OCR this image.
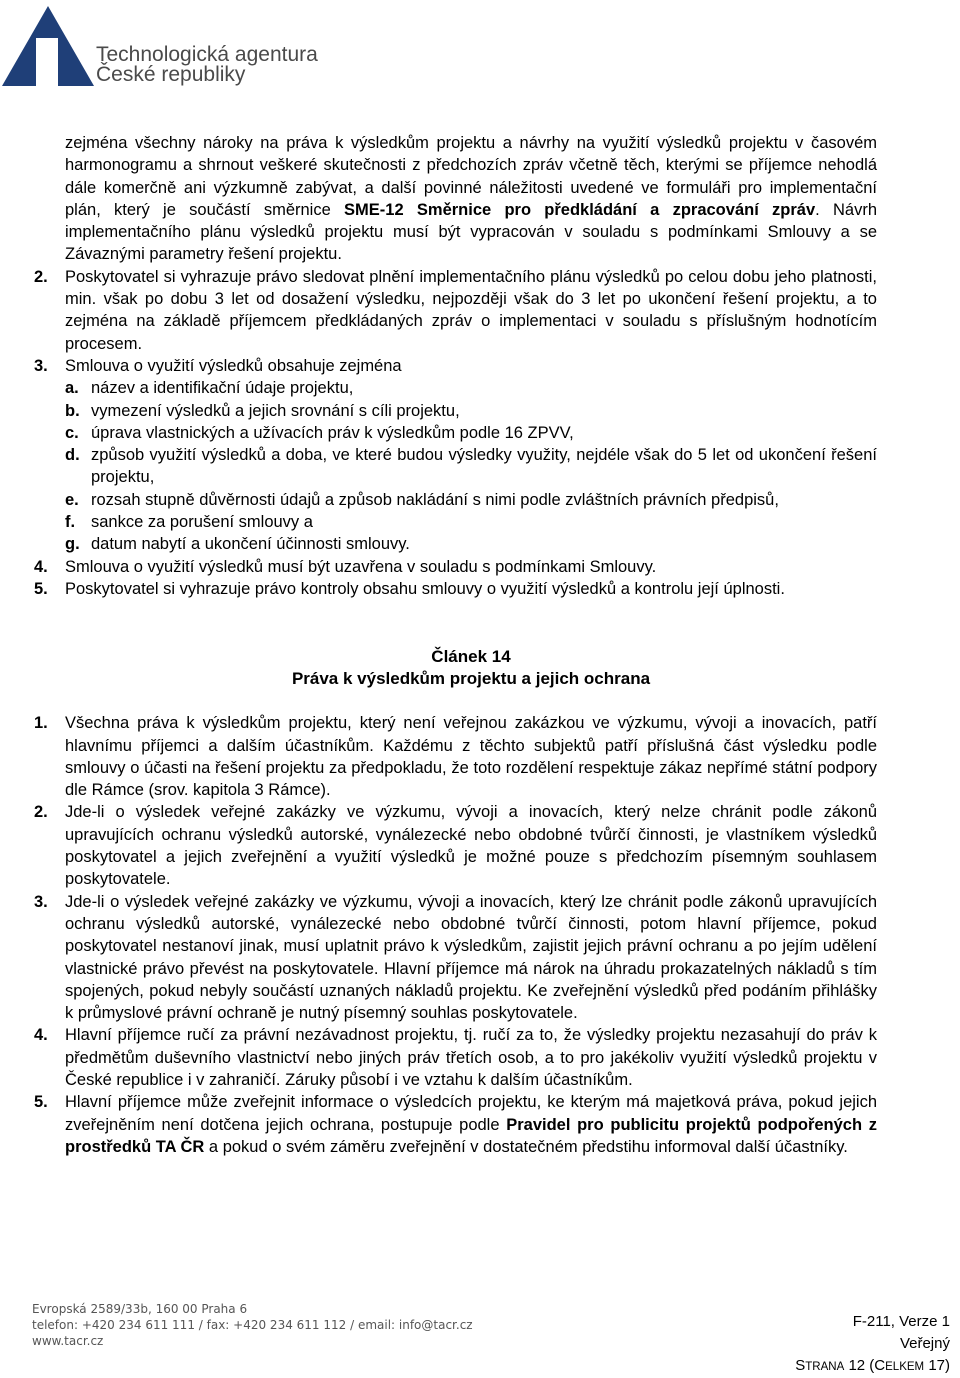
Technologická agentura
České republiky

zejména všechny nároky na práva k výsledkům projektu a návrhy na využití výsledků projektu v časovém harmonogramu a shrnout veškeré skutečnosti z předchozích zpráv včetně těch, kterými se příjemce nehodlá dále komerčně ani výzkumně zabývat, a další povinné náležitosti uvedené ve formuláři pro implementační plán, který je součástí směrnice SME-12 Směrnice pro předkládání a zpracování zpráv. Návrh implementačního plánu výsledků projektu musí být vypracován v souladu s podmínkami Smlouvy a se Závaznými parametry řešení projektu.

2. Poskytovatel si vyhrazuje právo sledovat plnění implementačního plánu výsledků po celou dobu jeho platnosti, min. však po dobu 3 let od dosažení výsledku, nejpozději však do 3 let po ukončení řešení projektu, a to zejména na základě příjemcem předkládaných zpráv o implementaci v souladu s příslušným hodnotícím procesem.
3. Smlouva o využití výsledků obsahuje zejména
a. název a identifikační údaje projektu,
b. vymezení výsledků a jejich srovnání s cíli projektu,
c. úprava vlastnických a užívacích práv k výsledkům podle 16 ZPVV,
d. způsob využití výsledků a doba, ve které budou výsledky využity, nejdéle však do 5 let od ukončení řešení projektu,
e. rozsah stupně důvěrnosti údajů a způsob nakládání s nimi podle zvláštních právních předpisů,
f. sankce za porušení smlouvy a
g. datum nabytí a ukončení účinnosti smlouvy.
4. Smlouva o využití výsledků musí být uzavřena v souladu s podmínkami Smlouvy.
5. Poskytovatel si vyhrazuje právo kontroly obsahu smlouvy o využití výsledků a kontrolu její úplnosti.
Článek 14
Práva k výsledkům projektu a jejich ochrana
1. Všechna práva k výsledkům projektu, který není veřejnou zakázkou ve výzkumu, vývoji a inovacích, patří hlavnímu příjemci a dalším účastníkům. Každému z těchto subjektů patří příslušná část výsledku podle smlouvy o účasti na řešení projektu za předpokladu, že toto rozdělení respektuje zákaz nepřímé státní podpory dle Rámce (srov. kapitola 3 Rámce).
2. Jde-li o výsledek veřejné zakázky ve výzkumu, vývoji a inovacích, který nelze chránit podle zákonů upravujících ochranu výsledků autorské, vynálezecké nebo obdobné tvůrčí činnosti, je vlastníkem výsledků poskytovatel a jejich zveřejnění a využití výsledků je možné pouze s předchozím písemným souhlasem poskytovatele.
3. Jde-li o výsledek veřejné zakázky ve výzkumu, vývoji a inovacích, který lze chránit podle zákonů upravujících ochranu výsledků autorské, vynálezecké nebo obdobné tvůrčí činnosti, potom hlavní příjemce, pokud poskytovatel nestanoví jinak, musí uplatnit právo k výsledkům, zajistit jejich právní ochranu a po jejím udělení vlastnické právo převést na poskytovatele. Hlavní příjemce má nárok na úhradu prokazatelných nákladů s tím spojených, pokud nebyly součástí uznaných nákladů projektu. Ke zveřejnění výsledků před podáním přihlášky k průmyslové právní ochraně je nutný písemný souhlas poskytovatele.
4. Hlavní příjemce ručí za právní nezávadnost projektu, tj. ručí za to, že výsledky projektu nezasahují do práv k předmětům duševního vlastnictví nebo jiných práv třetích osob, a to pro jakékoliv využití výsledků projektu v České republice i v zahraničí. Záruky působí i ve vztahu k dalším účastníkům.
5. Hlavní příjemce může zveřejnit informace o výsledcích projektu, ke kterým má majetková práva, pokud jejich zveřejněním není dotčena jejich ochrana, postupuje podle Pravidel pro publicitu projektů podpořených z prostředků TA ČR a pokud o svém záměru zveřejnění v dostatečném předstihu informoval další účastníky.
Evropská 2589/33b, 160 00 Praha 6
telefon: +420 234 611 111 / fax: +420 234 611 112 / email: info@tacr.cz
www.tacr.cz
F-211, Verze 1
Veřejný
STRANA 12 (CELKEM 17)
